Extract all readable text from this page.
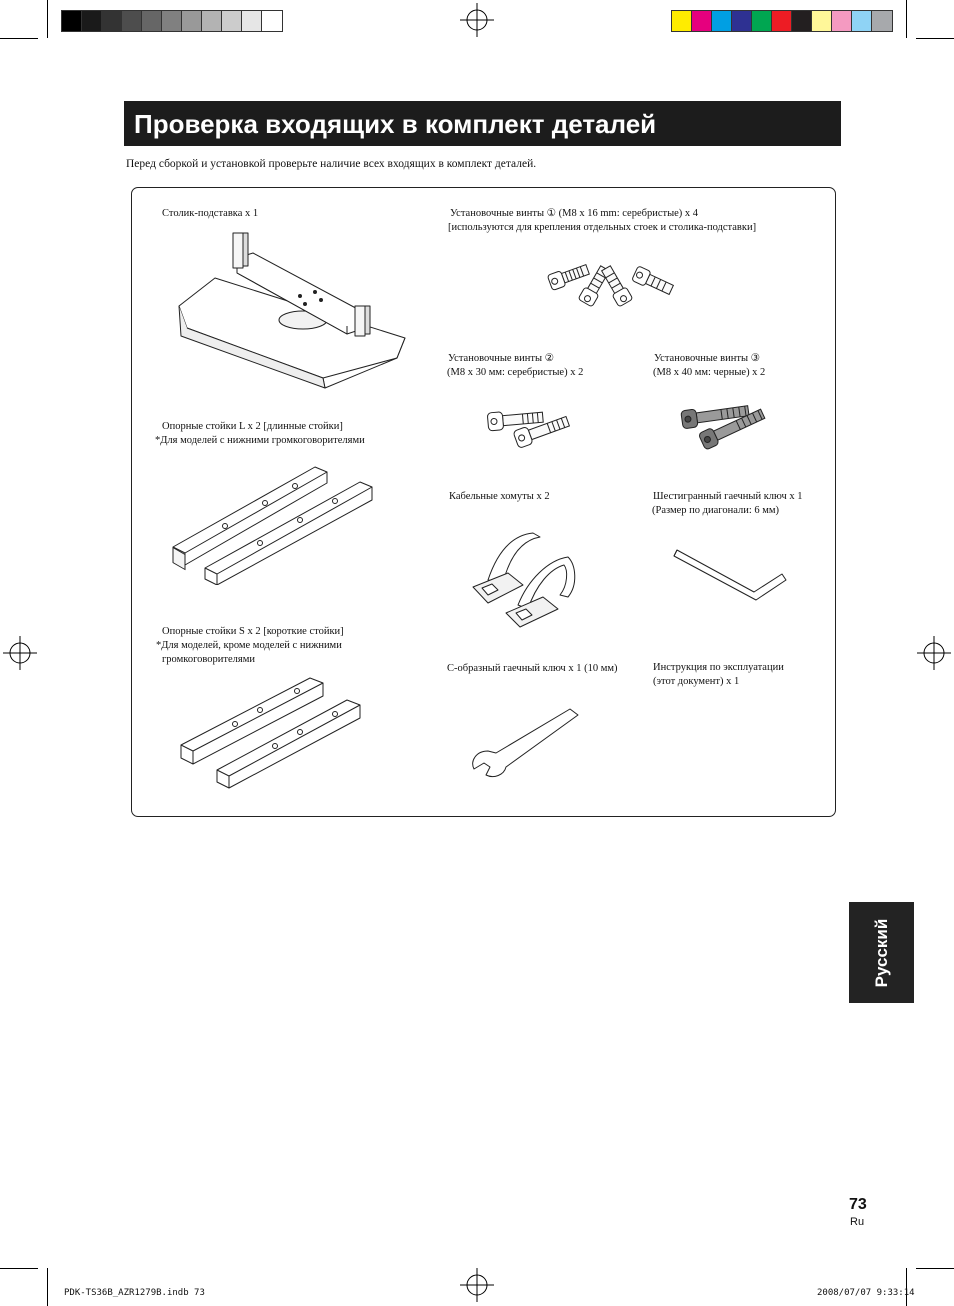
Проверка входящих в комплект деталей
Перед сборкой и установкой проверьте наличие всех входящих в комплект деталей.
Столик-подставка x 1	Установочные винты ① (M8 x 16 mm: серебристые) x 4
[используются для крепления отдельных стоек и столика-подставки]
Установочные винты ②
(M8 x 30 мм: серебристые) x 2
Установочные винты ③
(M8 x 40 мм: черные) x 2
Опорные стойки L x 2 [длинные стойки]
*Для моделей с нижними громкоговорителями
Кабельные хомуты x 2	Шестигранный гаечный ключ x 1
(Размер по диагонали: 6 мм)
Опорные стойки S x 2 [короткие стойки]
*Для моделей, кроме моделей с нижними
громкоговорителями
C-образный гаечный ключ x 1 (10 мм)	Инструкция по эксплуатации
(этот документ) x 1
Русский
73
Ru
PDK-TS36B_AZR1279B.indb 73	2008/07/07 9:33:14
